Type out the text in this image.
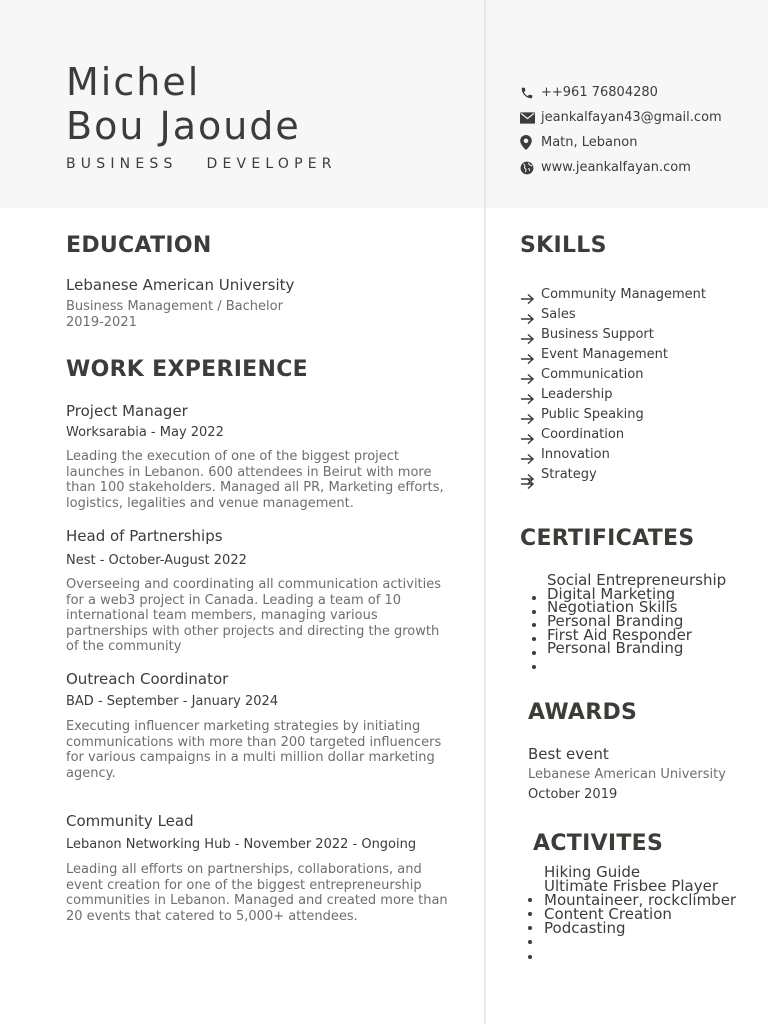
Michel
Bou Jaoude
BUSINESS   DEVELOPER
++961 76804280
jeankalfayan43@gmail.com
Matn, Lebanon
www.jeankalfayan.com
EDUCATION
Lebanese American University
Business Management / Bachelor
2019-2021
WORK EXPERIENCE
Project Manager
Worksarabia - May 2022
Leading the execution of one of the biggest project launches in Lebanon. 600 attendees in Beirut with more than 100 stakeholders. Managed all PR, Marketing efforts, logistics, legalities and venue management.
Head of Partnerships
Nest - October-August 2022
Overseeing and coordinating all communication activities for a web3 project in Canada. Leading a team of 10 international team members, managing various partnerships with other projects and directing the growth of the community
Outreach Coordinator
BAD - September - January 2024
Executing influencer marketing strategies by initiating communications with more than 200 targeted influencers for various campaigns in a multi million dollar marketing agency.
Community Lead
Lebanon Networking Hub - November 2022 - Ongoing
Leading all efforts on partnerships, collaborations, and event creation for one of the biggest entrepreneurship communities in Lebanon. Managed and created more than 20 events that catered to 5,000+ attendees.
SKILLS
Community Management
Sales
Business Support
Event Management
Communication
Leadership
Public Speaking
Coordination
Innovation
Strategy
CERTIFICATES
Social Entrepreneurship
Digital Marketing
Negotiation Skills
Personal Branding
First Aid Responder
Personal Branding
AWARDS
Best event
Lebanese American University
October 2019
ACTIVITES
Hiking Guide
Ultimate Frisbee Player
Mountaineer, rockclimber
Content Creation
Podcasting
